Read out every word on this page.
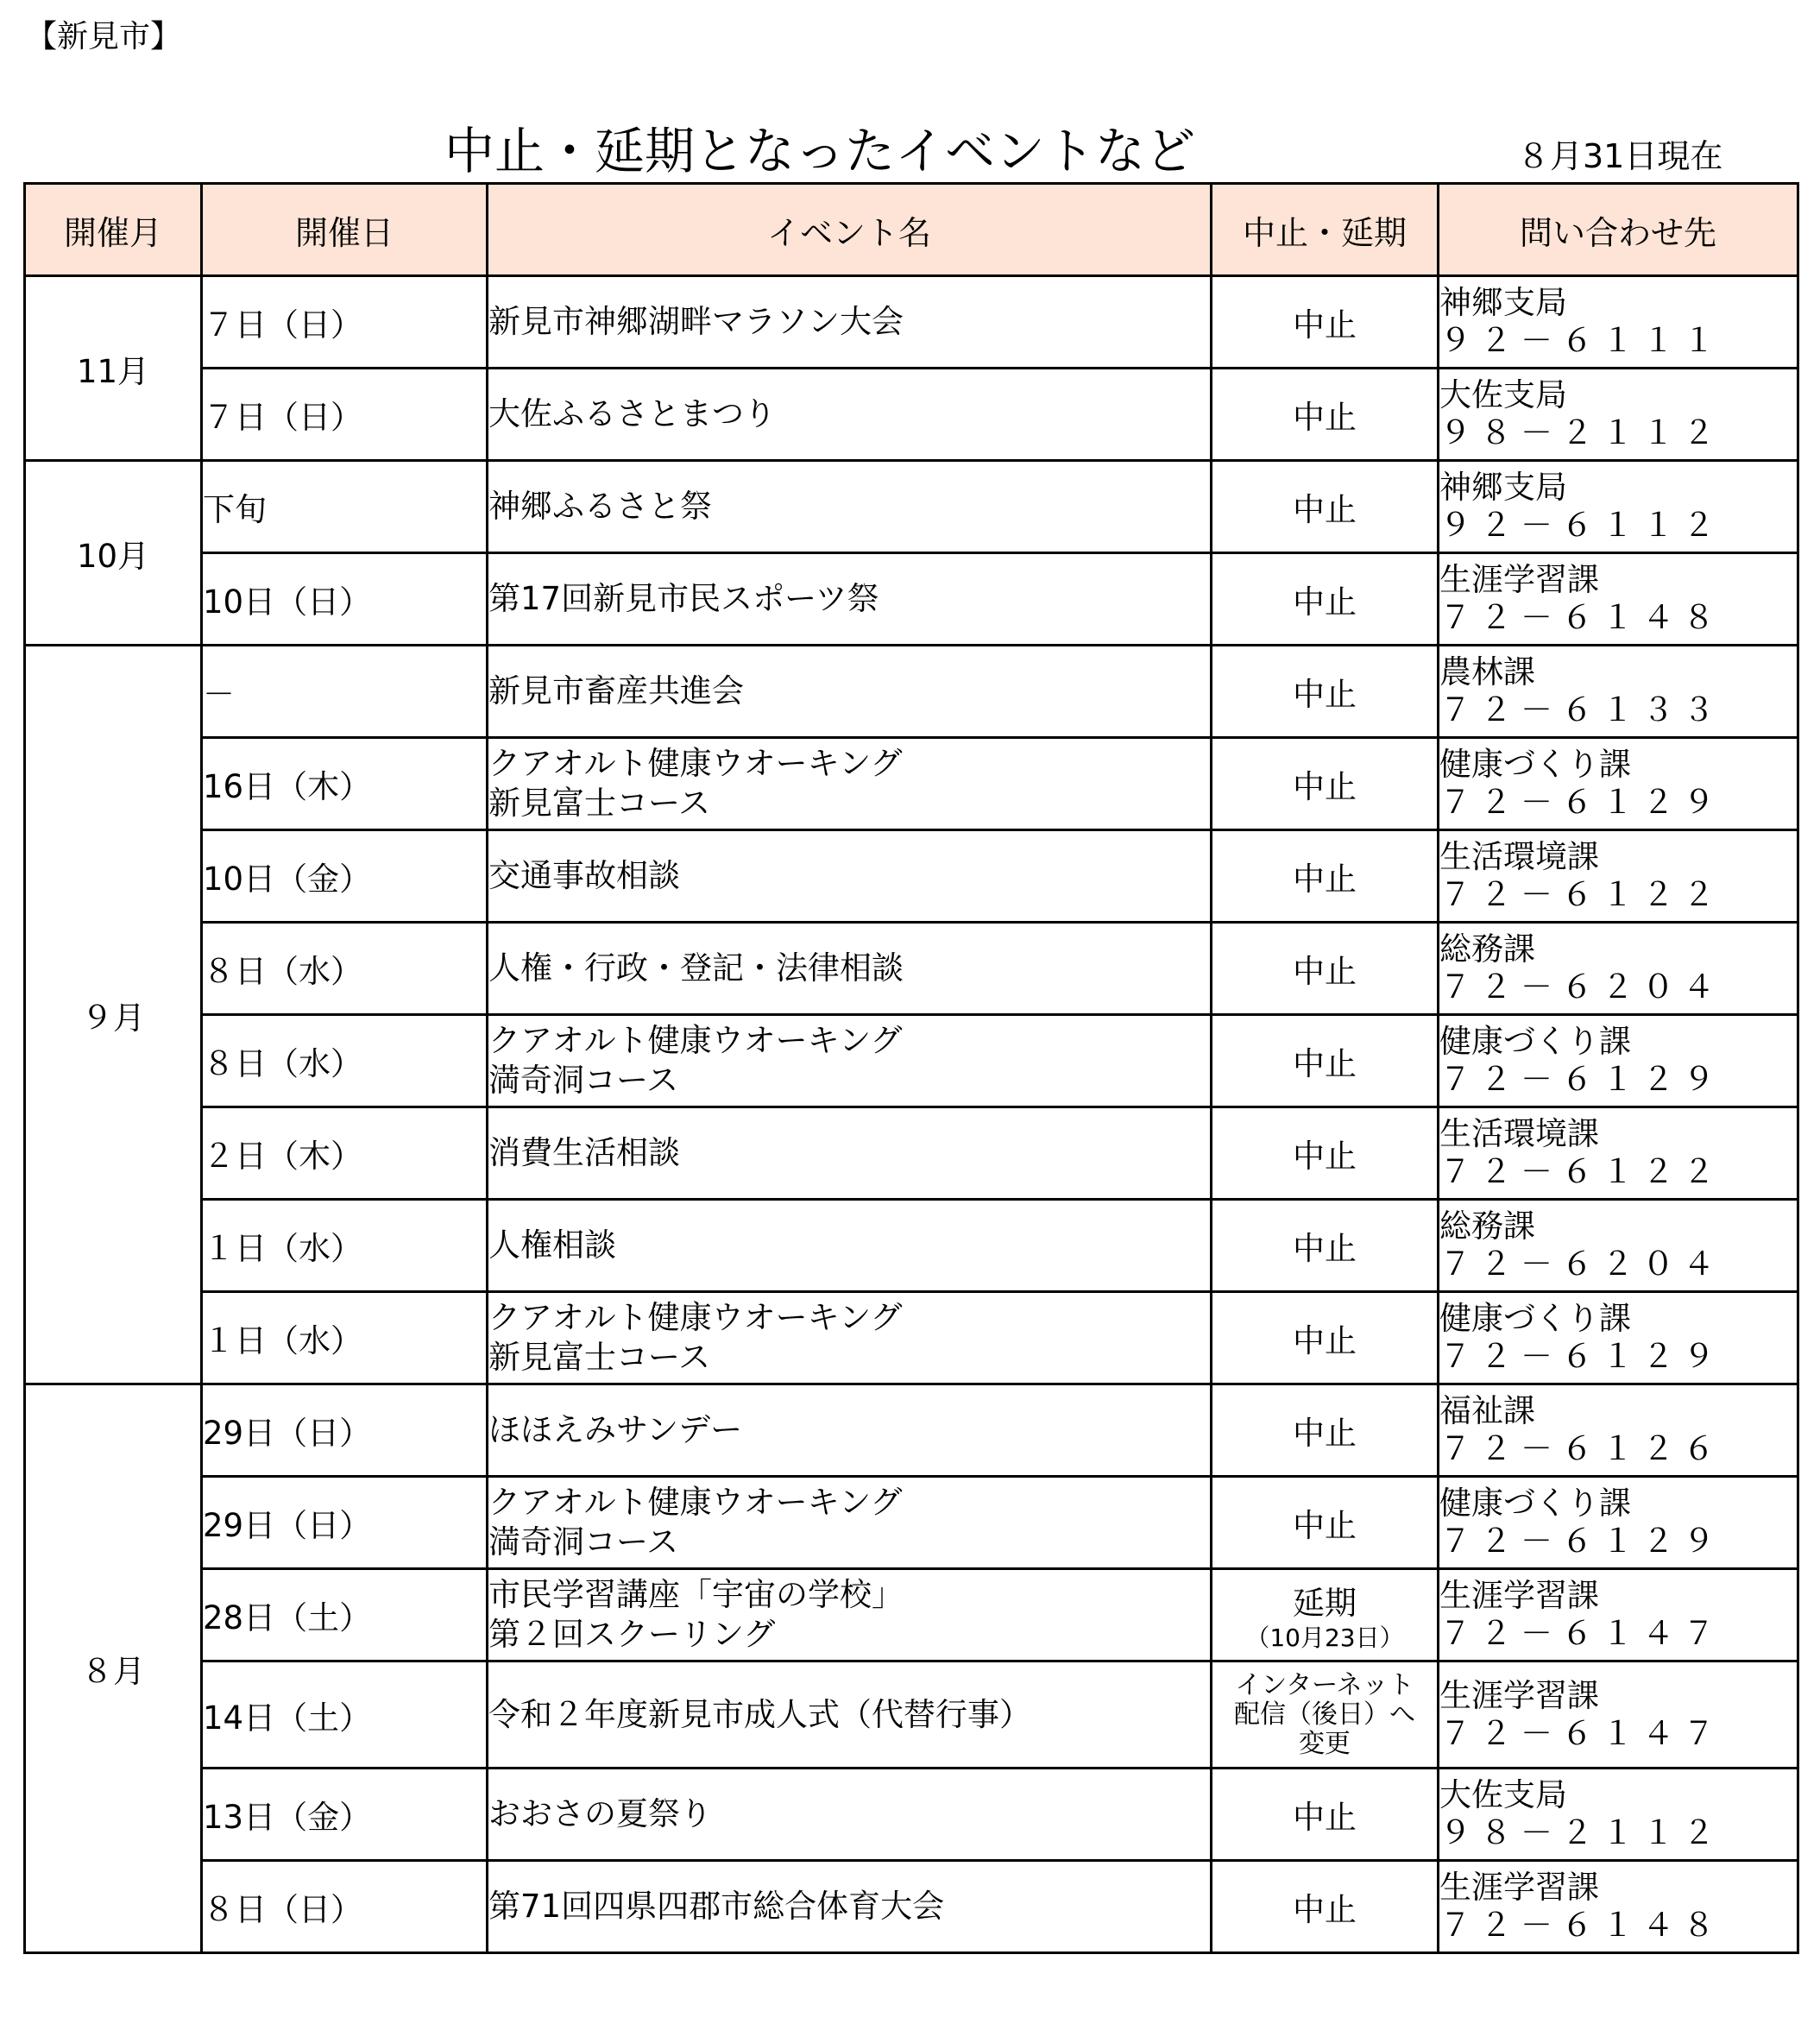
【新見市】
中止・延期となったイベントなど	８月31日現在
開催月	開催日	イベント名	中止・延期	問い合わせ先
11月	７日（日）	新見市神郷湖畔マラソン大会	中止	神郷支局
９２－６１１１

	７日（日）	大佐ふるさとまつり	中止	大佐支局
９８－２１１２

10月	下旬	神郷ふるさと祭	中止	神郷支局
９２－６１１２

	10日（日）	第17回新見市民スポーツ祭	中止	生涯学習課
７２－６１４８

９月	－	新見市畜産共進会	中止	農林課
７２－６１３３

	16日（木）	クアオルト健康ウオーキング
新見富士コース	中止	健康づくり課
７２－６１２９

	10日（金）	交通事故相談	中止	生活環境課
７２－６１２２

	８日（水）	人権・行政・登記・法律相談	中止	総務課
７２－６２０４

	８日（水）	クアオルト健康ウオーキング
満奇洞コース	中止	健康づくり課
７２－６１２９

	２日（木）	消費生活相談	中止	生活環境課
７２－６１２２

	１日（水）	人権相談	中止	総務課
７２－６２０４

	１日（水）	クアオルト健康ウオーキング
新見富士コース	中止	健康づくり課
７２－６１２９

８月	29日（日）	ほほえみサンデー	中止	福祉課
７２－６１２６

	29日（日）	クアオルト健康ウオーキング
満奇洞コース	中止	健康づくり課
７２－６１２９

	28日（土）	市民学習講座「宇宙の学校」
第２回スクーリング	延期
（10月23日）	生涯学習課
７２－６１４７

	14日（土）	令和２年度新見市成人式（代替行事）	インターネット
配信（後日）へ
変更	生涯学習課
７２－６１４７

	13日（金）	おおさの夏祭り	中止	大佐支局
９８－２１１２

	８日（日）	第71回四県四郡市総合体育大会	中止	生涯学習課
７２－６１４８
